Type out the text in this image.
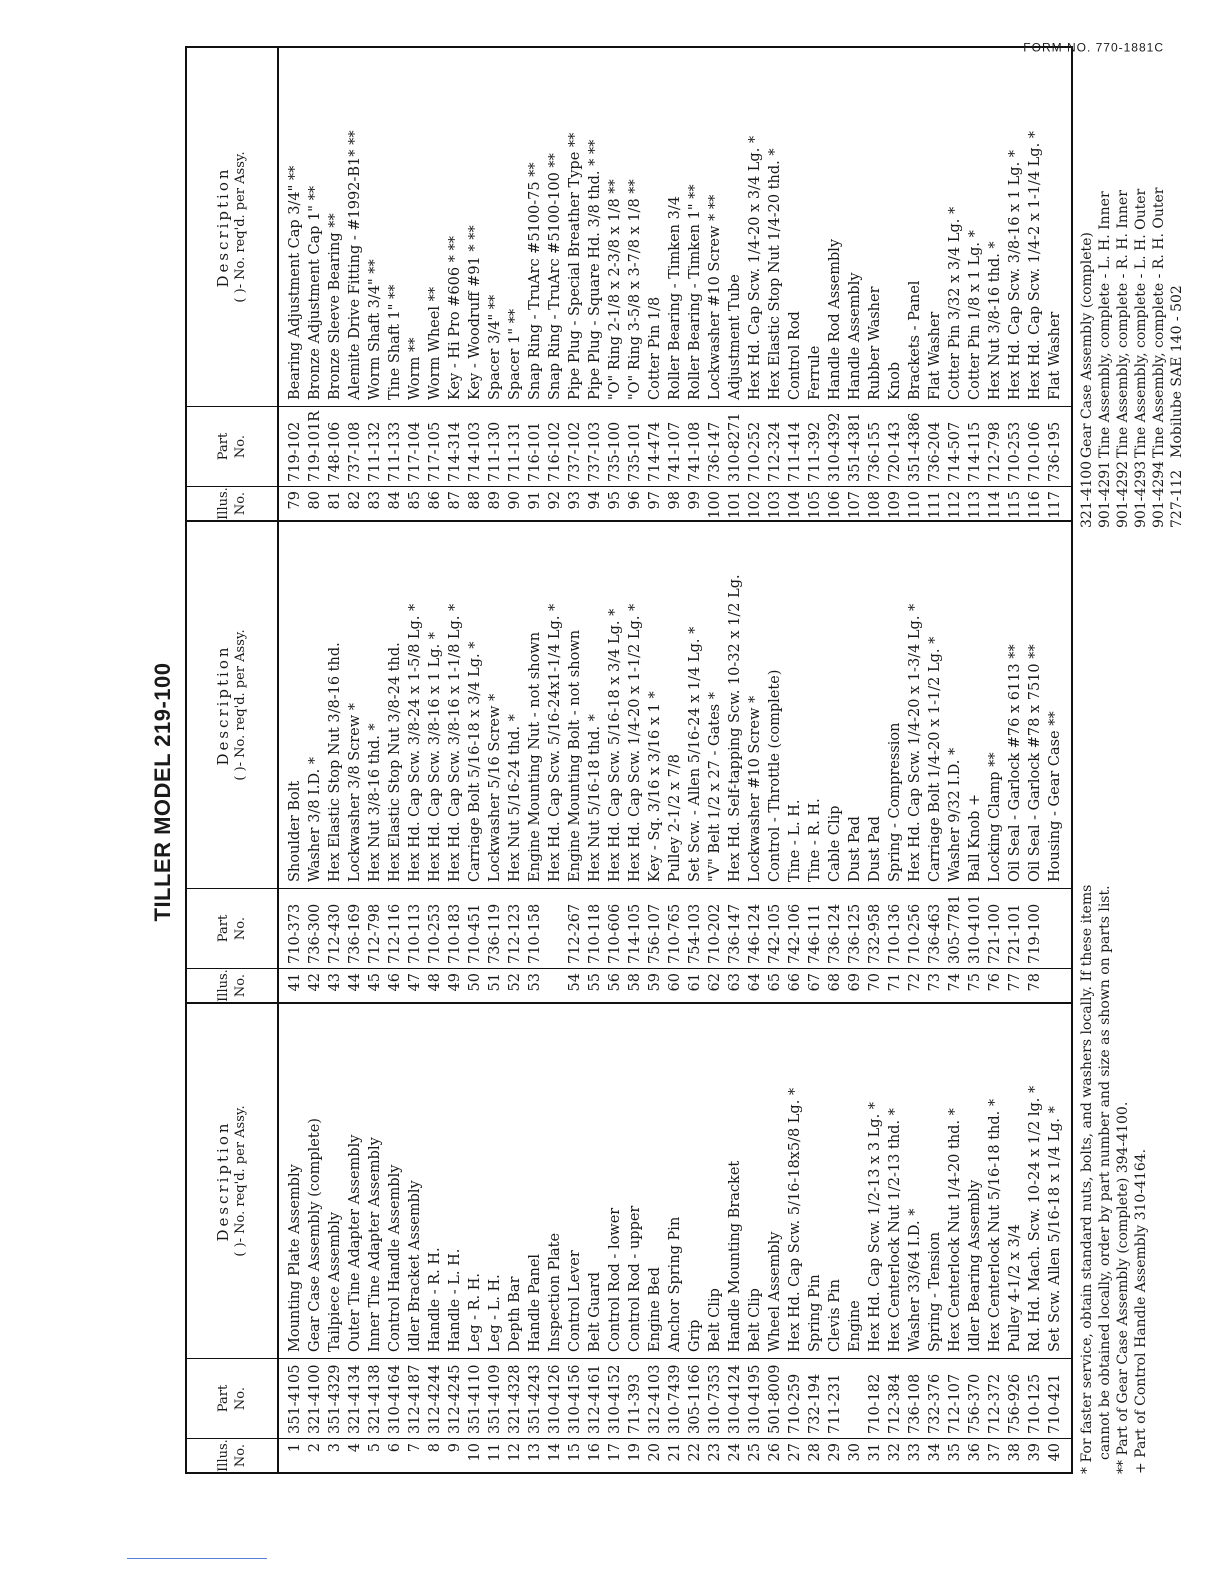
TILLER MODEL 219-100
Illus. No.
Part No.
Description ( )- No. req'd. per Assy.
1 2 3 4 5 6 7 8 9 10 11 12 13 14 15 16 17 19 20 21 22 23 24 25 26 27 28 29 30 31 32 33 34 35 36 37 38 39 40
351-4105 321-4100 351-4329 321-4134 321-4138 310-4164 312-4187 312-4244 312-4245 351-4110 351-4109 321-4328 351-4243 310-4126 310-4156 312-4161 310-4152 711-393 312-4103 310-7439 305-1166 310-7353 310-4124 310-4195 501-8009 710-259 732-194 711-231 710-182 712-384 736-108 732-376 712-107 756-370 712-372 756-926 710-125 710-421
Mounting Plate Assembly Gear Case Assembly (complete) Tailpiece Assembly Outer Tine Adapter Assembly Inner Tine Adapter Assembly Control Handle Assembly Idler Bracket Assembly Handle - R. H. Handle - L. H. Leg - R. H. Leg - L. H. Depth Bar Handle Panel Inspection Plate Control Lever Belt Guard Control Rod - lower Control Rod - upper Engine Bed Anchor Spring Pin Grip Belt Clip Handle Mounting Bracket Belt Clip Wheel Assembly Hex Hd. Cap Scw. 5/16-18x5/8 Lg. * Spring Pin Clevis Pin Engine Hex Hd. Cap Scw. 1/2-13 x 3 Lg. * Hex Centerlock Nut 1/2-13 thd. * Washer 33/64 I.D. * Spring - Tension Hex Centerlock Nut 1/4-20 thd. * Idler Bearing Assembly Hex Centerlock Nut 5/16-18 thd. * Pulley 4-1/2 x 3/4 Rd. Hd. Mach. Scw. 10-24 x 1/2 lg. * Set Scw. Allen 5/16-18 x 1/4 Lg. *
Illus. No.
Part No.
Description ( )- No. req'd. per Assy.
41 42 43 44 45 46 47 48 49 50 51 52 53 54 55 56 58 59 60 61 62 63 64 65 66 67 68 69 70 71 72 73 74 75 76 77 78
710-373 736-300 712-430 736-169 712-798 712-116 710-113 710-253 710-183 710-451 736-119 712-123 710-158 712-267 710-118 710-606 714-105 756-107 710-765 754-103 710-202 736-147 746-124 742-105 742-106 746-111 736-124 736-125 732-958 710-136 710-256 736-463 305-7781 310-4101 721-100 721-101 719-100
Shoulder Bolt Washer 3/8 I.D. * Hex Elastic Stop Nut 3/8-16 thd. Lockwasher 3/8 Screw * Hex Nut 3/8-16 thd. * Hex Elastic Stop Nut 3/8-24 thd. Hex Hd. Cap Scw. 3/8-24 x 1-5/8 Lg. * Hex Hd. Cap Scw. 3/8-16 x 1 Lg. * Hex Hd. Cap Scw. 3/8-16 x 1-1/8 Lg. * Carriage Bolt 5/16-18 x 3/4 Lg. * Lockwasher 5/16 Screw * Hex Nut 5/16-24 thd. * Engine Mounting Nut - not shown Hex Hd. Cap Scw. 5/16-24x1-1/4 Lg. * Engine Mounting Bolt - not shown Hex Nut 5/16-18 thd. * Hex Hd. Cap Scw. 5/16-18 x 3/4 Lg. * Hex Hd. Cap Scw. 1/4-20 x 1-1/2 Lg. * Key - Sq. 3/16 x 3/16 x 1 * Pulley 2-1/2 x 7/8 Set Scw. - Allen 5/16-24 x 1/4 Lg. * "V" Belt 1/2 x 27 - Gates * Hex Hd. Self-tapping Scw. 10-32 x 1/2 Lg. Lockwasher #10 Screw * Control - Throttle (complete) Tine - L. H. Tine - R. H. Cable Clip Dust Pad Dust Pad Spring - Compression Hex Hd. Cap Scw. 1/4-20 x 1-3/4 Lg. * Carriage Bolt 1/4-20 x 1-1/2 Lg. * Washer 9/32 I.D. * Ball Knob + Locking Clamp ** Oil Seal - Garlock #76 x 6113 ** Oil Seal - Garlock #78 x 7510 ** Housing - Gear Case **
Illus. No.
Part No.
Description ( )- No. req'd. per Assy.
79 80 81 82 83 84 85 86 87 88 89 90 91 92 93 94 95 96 97 98 99 100 101 102 103 104 105 106 107 108 109 110 111 112 113 114 115 116 117
719-102 719-101R 748-106 737-108 711-132 711-133 717-104 717-105 714-314 714-103 711-130 711-131 716-101 716-102 737-102 737-103 735-100 735-101 714-474 741-107 741-108 736-147 310-8271 710-252 712-324 711-414 711-392 310-4392 351-4381 736-155 720-143 351-4386 736-204 714-507 714-115 712-798 710-253 710-106 736-195
Bearing Adjustment Cap 3/4" ** Bronze Adjustment Cap 1" ** Bronze Sleeve Bearing ** Alemite Drive Fitting - #1992-B1* ** Worm Shaft 3/4" ** Tine Shaft 1" ** Worm ** Worm Wheel ** Key - Hi Pro #606 * ** Key - Woodruff #91 * ** Spacer 3/4" ** Spacer 1" ** Snap Ring - TruArc #5100-75 ** Snap Ring - TruArc #5100-100 ** Pipe Plug - Special Breather Type ** Pipe Plug - Square Hd. 3/8 thd. * ** "O" Ring 2-1/8 x 2-3/8 x 1/8 ** "O" Ring 3-5/8 x 3-7/8 x 1/8 ** Cotter Pin 1/8 Roller Bearing - Timken 3/4 Roller Bearing - Timken 1" ** Lockwasher #10 Screw * ** Adjustment Tube Hex Hd. Cap Scw. 1/4-20 x 3/4 Lg. * Hex Elastic Stop Nut 1/4-20 thd. * Control Rod Ferrule Handle Rod Assembly Handle Assembly Rubber Washer Knob Brackets - Panel Flat Washer Cotter Pin 3/32 x 3/4 Lg. * Cotter Pin 1/8 x 1 Lg. * Hex Nut 3/8-16 thd. * Hex Hd. Cap Scw. 3/8-16 x 1 Lg. * Hex Hd. Cap Scw. 1/4-2 x 1-1/4 Lg. * Flat Washer
* For faster service, obtain standard nuts, bolts, and washers locally. If these items cannot be obtained locally, order by part number and size as shown on parts list. ** Part of Gear Case Assembly (complete) 394-4100. + Part of Control Handle Assembly 310-4164.
321-4100
Gear Case Assembly (complete)
901-4291
Tine Assembly, complete - L. H. Inner
901-4292
Tine Assembly, complete - R. H. Inner
901-4293
Tine Assembly, complete - L. H. Outer
901-4294
Tine Assembly, complete - R. H. Outer
727-112
Mobilube SAE 140 - 502
FORM NO. 770-1881C
